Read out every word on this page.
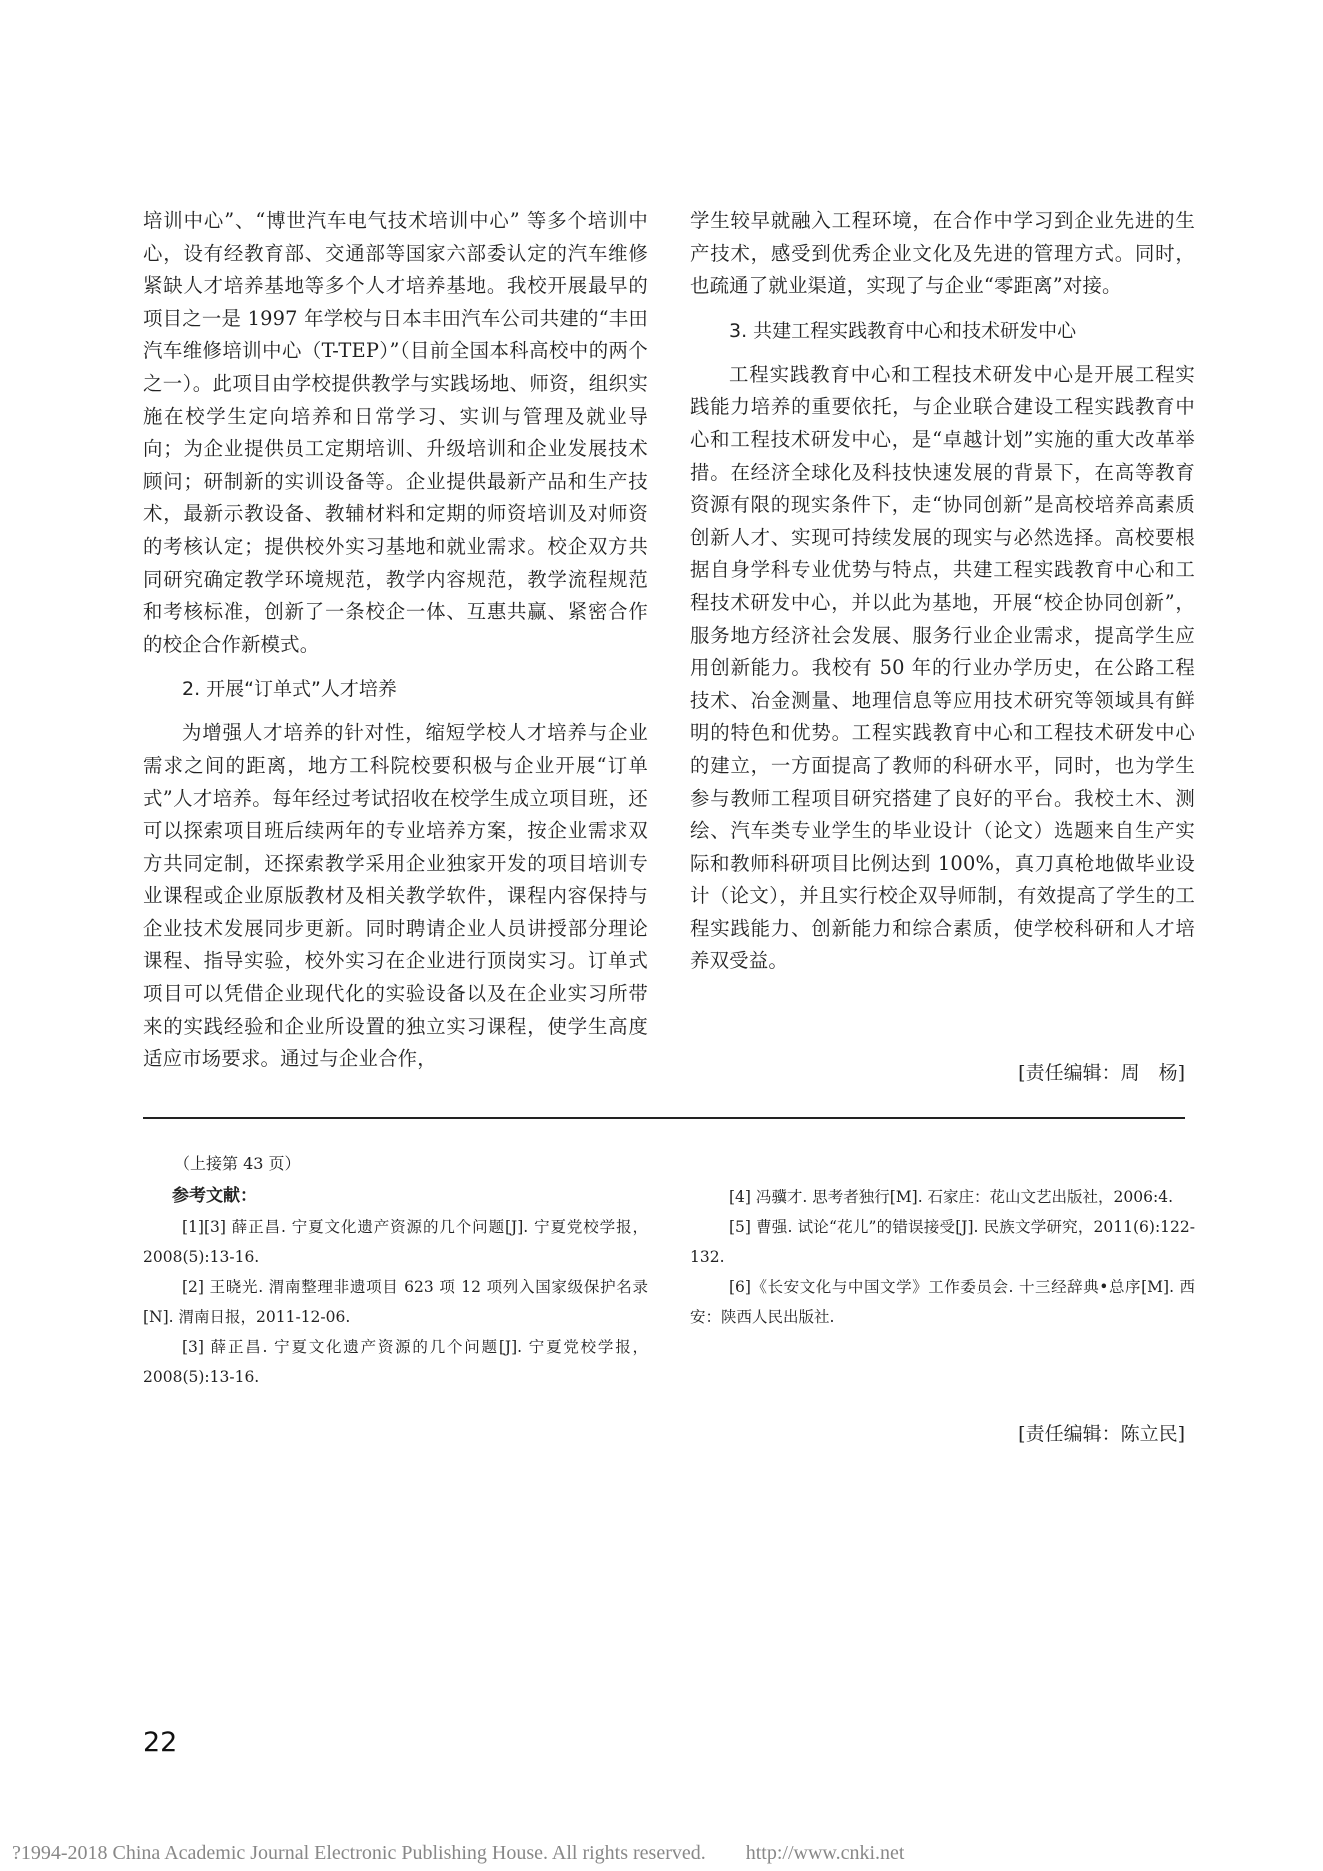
培训中心”、“博世汽车电气技术培训中心” 等多个培训中心，设有经教育部、交通部等国家六部委认定的汽车维修紧缺人才培养基地等多个人才培养基地。我校开展最早的项目之一是 1997 年学校与日本丰田汽车公司共建的“丰田汽车维修培训中心（T-TEP）”（目前全国本科高校中的两个之一）。此项目由学校提供教学与实践场地、师资，组织实施在校学生定向培养和日常学习、实训与管理及就业导向；为企业提供员工定期培训、升级培训和企业发展技术顾问；研制新的实训设备等。企业提供最新产品和生产技术，最新示教设备、教辅材料和定期的师资培训及对师资的考核认定；提供校外实习基地和就业需求。校企双方共同研究确定教学环境规范，教学内容规范，教学流程规范和考核标准，创新了一条校企一体、互惠共赢、紧密合作的校企合作新模式。

2. 开展“订单式”人才培养

为增强人才培养的针对性，缩短学校人才培养与企业需求之间的距离，地方工科院校要积极与企业开展“订单式”人才培养。每年经过考试招收在校学生成立项目班，还可以探索项目班后续两年的专业培养方案，按企业需求双方共同定制，还探索教学采用企业独家开发的项目培训专业课程或企业原版教材及相关教学软件，课程内容保持与企业技术发展同步更新。同时聘请企业人员讲授部分理论课程、指导实验，校外实习在企业进行顶岗实习。订单式项目可以凭借企业现代化的实验设备以及在企业实习所带来的实践经验和企业所设置的独立实习课程，使学生高度适应市场要求。通过与企业合作，

学生较早就融入工程环境，在合作中学习到企业先进的生产技术，感受到优秀企业文化及先进的管理方式。同时，也疏通了就业渠道，实现了与企业“零距离”对接。

3. 共建工程实践教育中心和技术研发中心

工程实践教育中心和工程技术研发中心是开展工程实践能力培养的重要依托，与企业联合建设工程实践教育中心和工程技术研发中心，是“卓越计划”实施的重大改革举措。在经济全球化及科技快速发展的背景下，在高等教育资源有限的现实条件下，走“协同创新”是高校培养高素质创新人才、实现可持续发展的现实与必然选择。高校要根据自身学科专业优势与特点，共建工程实践教育中心和工程技术研发中心，并以此为基地，开展“校企协同创新”，服务地方经济社会发展、服务行业企业需求，提高学生应用创新能力。我校有 50 年的行业办学历史，在公路工程技术、冶金测量、地理信息等应用技术研究等领域具有鲜明的特色和优势。工程实践教育中心和工程技术研发中心的建立，一方面提高了教师的科研水平，同时，也为学生参与教师工程项目研究搭建了良好的平台。我校土木、测绘、汽车类专业学生的毕业设计（论文）选题来自生产实际和教师科研项目比例达到 100%，真刀真枪地做毕业设计（论文），并且实行校企双导师制，有效提高了学生的工程实践能力、创新能力和综合素质，使学校科研和人才培养双受益。

[责任编辑：周　杨]

（上接第 43 页）

参考文献：

[1][3] 薛正昌. 宁夏文化遗产资源的几个问题[J]. 宁夏党校学报，2008(5):13-16.

[2] 王晓光. 渭南整理非遗项目 623 项 12 项列入国家级保护名录[N]. 渭南日报，2011-12-06.

[3] 薛正昌. 宁夏文化遗产资源的几个问题[J]. 宁夏党校学报，2008(5):13-16.

[4] 冯骥才. 思考者独行[M]. 石家庄：花山文艺出版社，2006:4.

[5] 曹强. 试论“花儿”的错误接受[J]. 民族文学研究，2011(6):122-132.

[6]《长安文化与中国文学》工作委员会. 十三经辞典•总序[M]. 西安：陕西人民出版社.

[责任编辑：陈立民]
22
?1994-2018 China Academic Journal Electronic Publishing House. All rights reserved.　　http://www.cnki.net
